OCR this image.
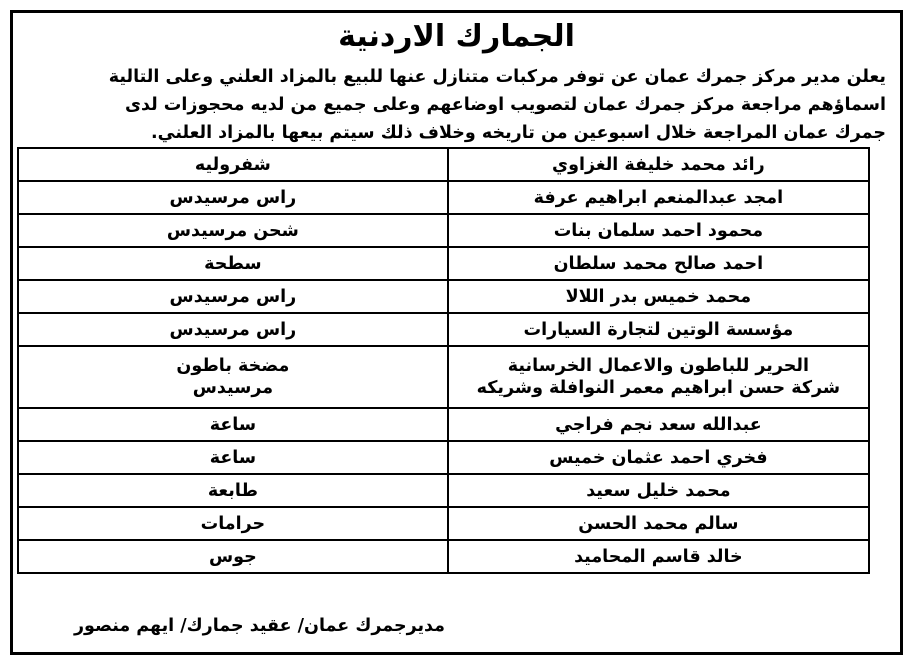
الجمارك الاردنية
يعلن مدير مركز جمرك عمان عن توفر مركبات متنازل عنها للبيع بالمزاد العلني وعلى التالية
اسماؤهم مراجعة مركز جمرك عمان لتصويب اوضاعهم وعلى جميع من لديه محجوزات لدى
جمرك عمان المراجعة خلال اسبوعين من تاريخه وخلاف ذلك سيتم بيعها بالمزاد العلني.
رائد محمد خليفة الغزاوي	شفروليه
امجد عبدالمنعم ابراهيم عرفة	راس مرسيدس
محمود احمد سلمان بنات	شحن مرسيدس
احمد صالح محمد سلطان	سطحة
محمد خميس بدر اللالا	راس مرسيدس
مؤسسة الوتين لتجارة السيارات	راس مرسيدس

الحرير للباطون والاعمال الخرسانية
شركة حسن ابراهيم معمر النوافلة وشريكه	مضخة باطون
مرسيدس

عبدالله سعد نجم فراجي	ساعة
فخري احمد عثمان خميس	ساعة
محمد خليل سعيد	طابعة
سالم محمد الحسن	حرامات
خالد قاسم المحاميد	جوس
مديرجمرك عمان/ عقيد جمارك/ ايهم منصور
